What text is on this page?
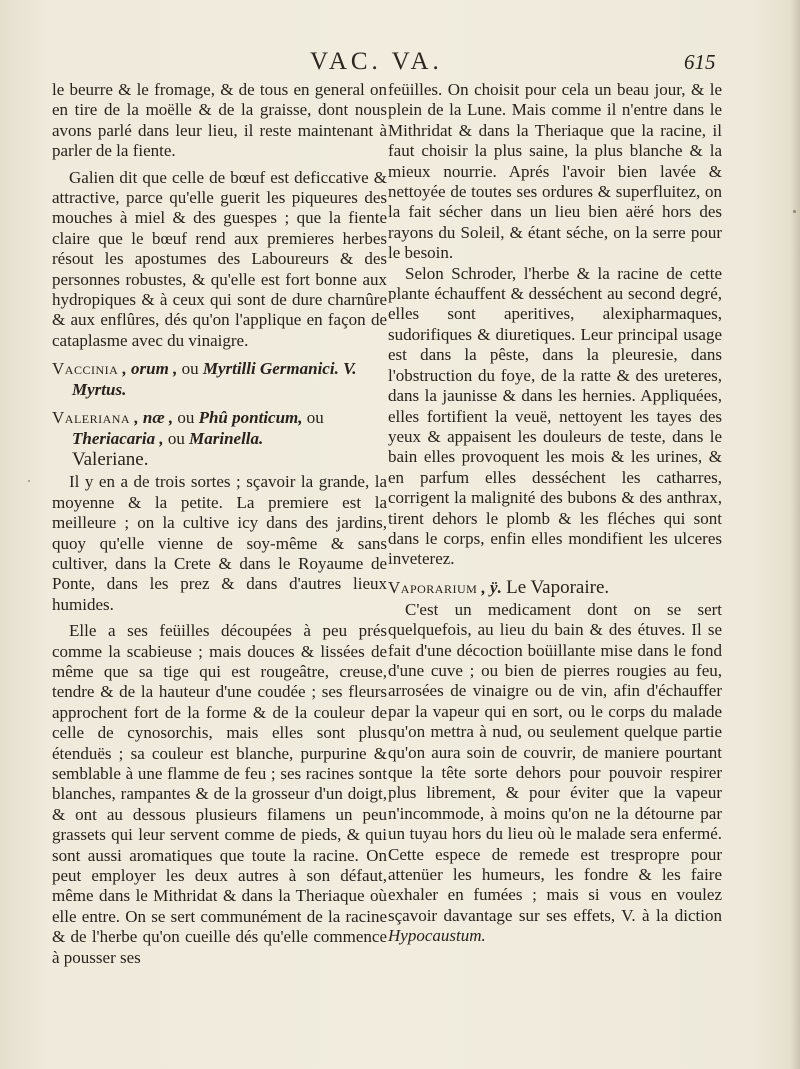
VAC. VA.	615

le beurre & le fromage, & de tous en general on en tire de la moëlle & de la graisse, dont nous avons parlé dans leur lieu, il reste maintenant à parler de la fiente.

Galien dit que celle de bœuf est deficcative & attractive, parce qu'elle guerit les piqueures des mouches à miel & des guespes ; que la fiente claire que le bœuf rend aux premieres herbes résout les apostumes des Laboureurs & des personnes robustes, & qu'elle est fort bonne aux hydropiques & à ceux qui sont de dure charnûre & aux enflûres, dés qu'on l'applique en façon de cataplasme avec du vinaigre.

Vaccinia , orum , ou Myrtilli Germanici. V. Myrtus.
Valeriana , næ , ou Phû ponticum, ou Theriacaria , ou Marinella.
Valeriane.

Il y en a de trois sortes ; sçavoir la grande, la moyenne & la petite. La premiere est la meilleure ; on la cultive icy dans des jardins, quoy qu'elle vienne de soy-même & sans cultiver, dans la Crete & dans le Royaume de Ponte, dans les prez & dans d'autres lieux humides.

Elle a ses feüilles découpées à peu prés comme la scabieuse ; mais douces & lissées de même que sa tige qui est rougeâtre, creuse, tendre & de la hauteur d'une coudée ; ses fleurs approchent fort de la forme & de la couleur de celle de cynosorchis, mais elles sont plus étenduës ; sa couleur est blanche, purpurine & semblable à une flamme de feu ; ses racines sont blanches, rampantes & de la grosseur d'un doigt, & ont au dessous plusieurs filamens un peu grassets qui leur servent comme de pieds, & qui sont aussi aromatiques que toute la racine. On peut employer les deux autres à son défaut, même dans le Mithridat & dans la Theriaque où elle entre. On se sert communément de la racine & de l'herbe qu'on cueille dés qu'elle commence à pousser ses

feüilles. On choisit pour cela un beau jour, & le plein de la Lune. Mais comme il n'entre dans le Mithridat & dans la Theriaque que la racine, il faut choisir la plus saine, la plus blanche & la mieux nourrie. Aprés l'avoir bien lavée & nettoyée de toutes ses ordures & superfluitez, on la fait sécher dans un lieu bien aëré hors des rayons du Soleil, & étant séche, on la serre pour le besoin.

Selon Schroder, l'herbe & la racine de cette plante échauffent & desséchent au second degré, elles sont aperitives, alexipharmaques, sudorifiques & diuretiques. Leur principal usage est dans la pêste, dans la pleuresie, dans l'obstruction du foye, de la ratte & des ureteres, dans la jaunisse & dans les hernies. Appliquées, elles fortifient la veuë, nettoyent les tayes des yeux & appaisent les douleurs de teste, dans le bain elles provoquent les mois & les urines, & en parfum elles desséchent les catharres, corrigent la malignité des bubons & des anthrax, tirent dehors le plomb & les fléches qui sont dans le corps, enfin elles mondifient les ulceres inveterez.

Vaporarium , ÿ. Le Vaporaire.

C'est un medicament dont on se sert quelquefois, au lieu du bain & des étuves. Il se fait d'une décoction boüillante mise dans le fond d'une cuve ; ou bien de pierres rougies au feu, arrosées de vinaigre ou de vin, afin d'échauffer par la vapeur qui en sort, ou le corps du malade qu'on mettra à nud, ou seulement quelque partie qu'on aura soin de couvrir, de maniere pourtant que la tête sorte dehors pour pouvoir respirer plus librement, & pour éviter que la vapeur n'incommode, à moins qu'on ne la détourne par un tuyau hors du lieu où le malade sera enfermé. Cette espece de remede est trespropre pour attenüer les humeurs, les fondre & les faire exhaler en fumées ; mais si vous en voulez sçavoir davantage sur ses effets, V. à la diction Hypocaustum.
